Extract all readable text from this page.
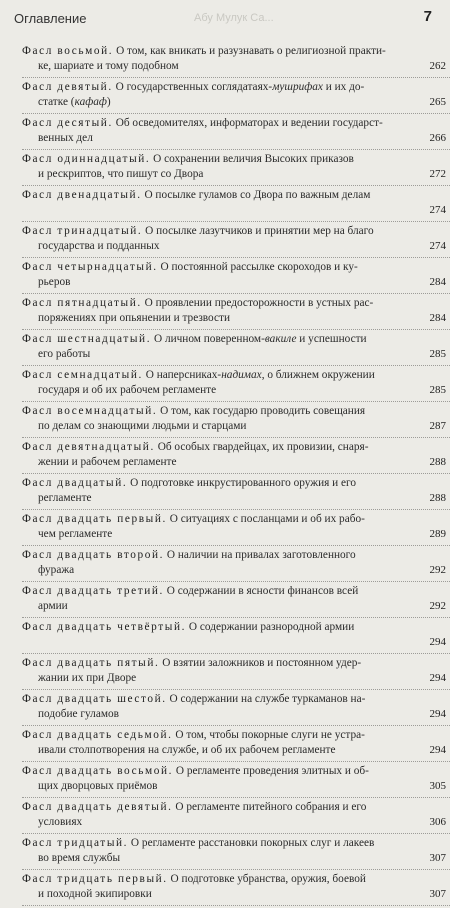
Оглавление	Абу Мулук Са...	7
Фасл восьмой. О том, как вникать и разузнавать о религиозной практи-
ке, шариате и тому подобном	262
Фасл девятый. О государственных соглядатаях-мушрифах и их до-
статке (кафаф)	265
Фасл десятый. Об осведомителях, информаторах и ведении государст-
венных дел	266
Фасл одиннадцатый. О сохранении величия Высоких приказов
и рескриптов, что пишут со Двора	272
Фасл двенадцатый. О посылке гуламов со Двора по важным делам
274
Фасл тринадцатый. О посылке лазутчиков и принятии мер на благо
государства и подданных	274
Фасл четырнадцатый. О постоянной рассылке скороходов и ку-
рьеров	284
Фасл пятнадцатый. О проявлении предосторожности в устных рас-
поряжениях при опьянении и трезвости	284
Фасл шестнадцатый. О личном поверенном-вакиле и успешности
его работы	285
Фасл семнадцатый. О наперсниках-надимах, о ближнем окружении
государя и об их рабочем регламенте	285
Фасл восемнадцатый. О том, как государю проводить совещания
по делам со знающими людьми и старцами	287
Фасл девятнадцатый. Об особых гвардейцах, их провизии, снаря-
жении и рабочем регламенте	288
Фасл двадцатый. О подготовке инкрустированного оружия и его
регламенте	288
Фасл двадцать первый. О ситуациях с посланцами и об их рабо-
чем регламенте	289
Фасл двадцать второй. О наличии на привалах заготовленного
фуража	292
Фасл двадцать третий. О содержании в ясности финансов всей
армии	292
Фасл двадцать четвёртый. О содержании разнородной армии
294
Фасл двадцать пятый. О взятии заложников и постоянном удер-
жании их при Дворе	294
Фасл двадцать шестой. О содержании на службе туркаманов на-
подобие гуламов	294
Фасл двадцать седьмой. О том, чтобы покорные слуги не устра-
ивали столпотворения на службе, и об их рабочем регламенте	294
Фасл двадцать восьмой. О регламенте проведения элитных и об-
щих дворцовых приёмов	305
Фасл двадцать девятый. О регламенте питейного собрания и его
условиях	306
Фасл тридцатый. О регламенте расстановки покорных слуг и лакеев
во время службы	307
Фасл тридцать первый. О подготовке убранства, оружия, боевой
и походной экипировки	307
